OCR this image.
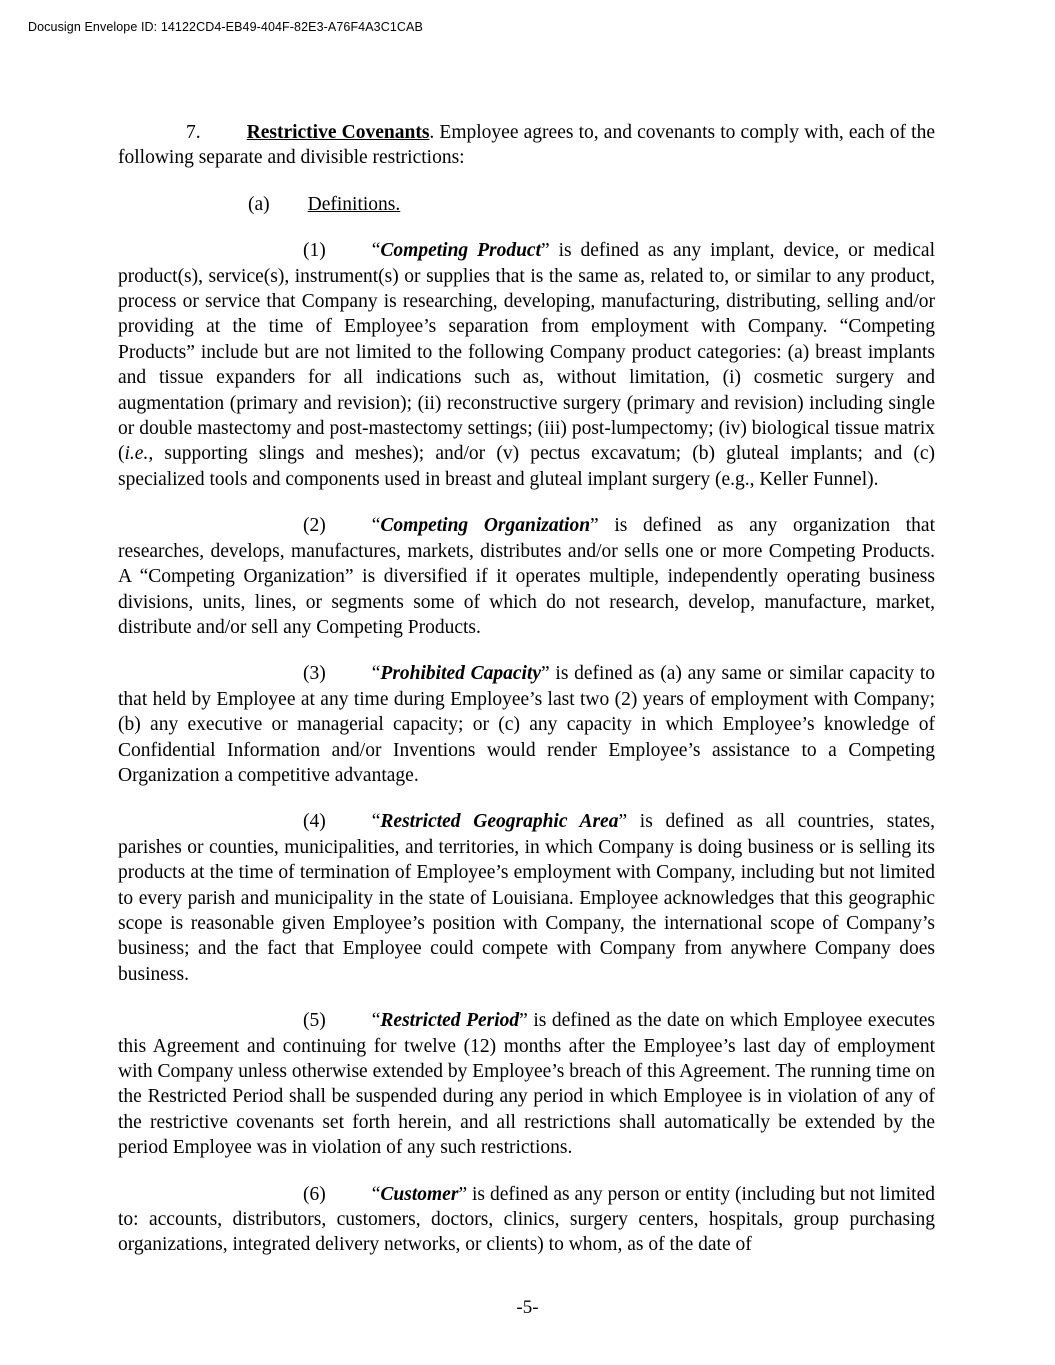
Docusign Envelope ID: 14122CD4-EB49-404F-82E3-A76F4A3C1CAB

7. Restrictive Covenants. Employee agrees to, and covenants to comply with, each of the following separate and divisible restrictions:

(a) Definitions.

(1) “Competing Product” is defined as any implant, device, or medical product(s), service(s), instrument(s) or supplies that is the same as, related to, or similar to any product, process or service that Company is researching, developing, manufacturing, distributing, selling and/or providing at the time of Employee’s separation from employment with Company. “Competing Products” include but are not limited to the following Company product categories: (a) breast implants and tissue expanders for all indications such as, without limitation, (i) cosmetic surgery and augmentation (primary and revision); (ii) reconstructive surgery (primary and revision) including single or double mastectomy and post-mastectomy settings; (iii) post-lumpectomy; (iv) biological tissue matrix (i.e., supporting slings and meshes); and/or (v) pectus excavatum; (b) gluteal implants; and (c) specialized tools and components used in breast and gluteal implant surgery (e.g., Keller Funnel).

(2) “Competing Organization” is defined as any organization that researches, develops, manufactures, markets, distributes and/or sells one or more Competing Products. A “Competing Organization” is diversified if it operates multiple, independently operating business divisions, units, lines, or segments some of which do not research, develop, manufacture, market, distribute and/or sell any Competing Products.

(3) “Prohibited Capacity” is defined as (a) any same or similar capacity to that held by Employee at any time during Employee’s last two (2) years of employment with Company; (b) any executive or managerial capacity; or (c) any capacity in which Employee’s knowledge of Confidential Information and/or Inventions would render Employee’s assistance to a Competing Organization a competitive advantage.

(4) “Restricted Geographic Area” is defined as all countries, states, parishes or counties, municipalities, and territories, in which Company is doing business or is selling its products at the time of termination of Employee’s employment with Company, including but not limited to every parish and municipality in the state of Louisiana. Employee acknowledges that this geographic scope is reasonable given Employee’s position with Company, the international scope of Company’s business; and the fact that Employee could compete with Company from anywhere Company does business.

(5) “Restricted Period” is defined as the date on which Employee executes this Agreement and continuing for twelve (12) months after the Employee’s last day of employment with Company unless otherwise extended by Employee’s breach of this Agreement. The running time on the Restricted Period shall be suspended during any period in which Employee is in violation of any of the restrictive covenants set forth herein, and all restrictions shall automatically be extended by the period Employee was in violation of any such restrictions.

(6) “Customer” is defined as any person or entity (including but not limited to: accounts, distributors, customers, doctors, clinics, surgery centers, hospitals, group purchasing organizations, integrated delivery networks, or clients) to whom, as of the date of

-5-
